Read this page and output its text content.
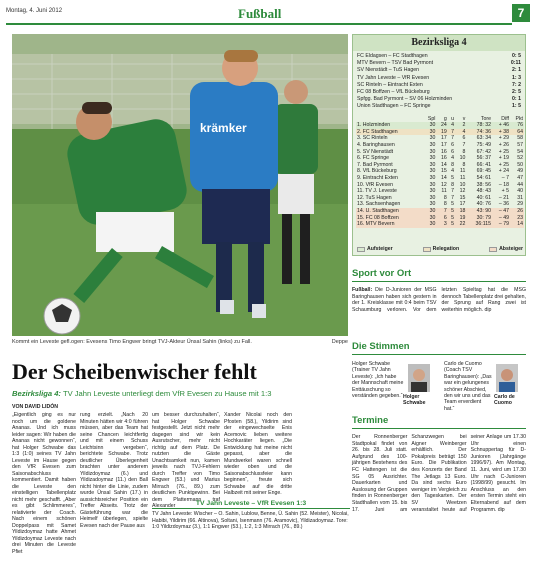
Montag, 4. Juni 2012	Fußball	7
krämker
Kommt ein Leveste gefl.ogen: Evesens Timo Engwer bringt TVJ-Akteur Ünsal Sahin (links) zu Fall.	Deppe
Bezirksliga 4
FC Eldagsen – FC Stadthagen	0: 5
MTV Bevern – TSV Bad Pyrmont	0:11
SV Nienstädt – TuS Hagen	2: 1
TV Jahn Leveste – VfR Evesen	1: 3
SC Rinteln – Eintracht Exten	7: 2
FC 08 Boffzen – VfL Bückeburg	2: 5
Spfgg. Bad Pyrmont – SV 06 Holzminden	0: 1
Union Stadthagen – FC Springe	1: 5
	Spl	g	u	v	Tore	Diff	Pkt
1. Holzminden	30	24	4	2	78: 32	+ 46	76
2. FC Stadthagen	30	19	7	4	74: 36	+ 38	64
3. SC Rinteln	30	17	7	6	63: 34	+ 29	58
4. Baringhausen	30	17	6	7	75: 49	+ 26	57
5. SV Nienstädt	30	16	6	8	67: 42	+ 25	54
6. FC Springe	30	16	4	10	56: 37	+ 19	52
7. Bad Pyrmont	30	14	8	8	66: 41	+ 25	50
8. VfL Bückeburg	30	15	4	11	69: 45	+ 24	49
9. Eintracht Exten	30	14	5	11	54: 61	– 7	47
10. VfR Evesen	30	12	8	10	38: 56	– 18	44
11. TV J. Leveste	30	11	7	12	48: 43	+ 5	40
12. TuS Hagen	30	8	7	15	40: 61	– 21	31
13. Sachsenhagen	30	8	5	17	40: 76	– 36	29
14. U. Stadthagen	30	7	5	18	43: 90	– 47	26
15. FC 08 Boffzen	30	6	5	19	30: 79	– 49	23
16. MTV Bevern	30	3	5	22	36:115	– 79	14
Aufsteiger	Relegation	Absteiger
Sport vor Ort
Fußball: Die D-Junioren der MSG Baringhausen haben sich gestern in der 1. Kreisklasse mit 0:4 beim TSV Schaumburg verloren. Vor dem letzten Spieltag hat die MSG dennoch Tabellenplatz drei gehalten, der Sprung auf Rang zwei ist weiterhin möglich. dip
Der Scheibenwischer fehlt
Bezirksliga 4: TV Jahn Leveste unterliegt dem VfR Evesen zu Hause mit 1:3
VON DAVID LIDÓN
„Eigentlich ging es nur noch um die goldene Ananas. Und ich muss leider sagen: Wir haben die Ananas nicht gewonnen“, hat Holger Schwabe das 1:3 (1:0) seines TV Jahn Leveste im Hause gegen den VfR Evesen zum Saisonabschluss kommentiert. Damit haben die Leveste den einstelligen Tabellenplatz nicht mehr geschafft. „Aber es gibt Schlimmeres“, relativierte der Coach. Nach einem schönen Doppelpass mit Samet Yildizdoymaz hatte Ahmet Yildizdoymaz Leveste nach drei Minuten die Leveste Pfiet
rung erzielt. „Nach 20 Minuten hätten wir 4:0 führen müssen, aber das Team hat seine Chancen leichtfertig und mit einem Schuss Leichtsinn vergeben“, berichtete Schwabe. Trotz deutlicher Überlegenheit brachten unter anderem Yildizdoymaz (6.) und Yildizadoymaz (11.) den Ball nicht hinter die Linie, zudem wurde Ünsal Sahin (17.) in aussichtsreicher Position ein Treffer Abseits. Trotz der Gästeführung war die Heimelf überlegen, spielte Evesen nach der Pause aus
um besser durchzuhalten“, hat Holger Schwabe festgestellt. Jetzt nicht mehr dagegen sind wir kein Ausrutscher, mehr nicht richtig auf dem Platz. De nutzten die Gäste Unachtsamkeit nun, kamen jeweils nach TVJ-Fehlern durch Treffer von Timo Engwer (53.) und Marius Mirrach (76., 89.) zum deutlichen Punktgewinn. Bei dem Plattermann traf Alexander
Xander Nicolai noch den Pfosten (58.), Yildirim sind der eingewechselte Enis Acemovic lieben weitere Hochkaräter liegen. „Die Entwicklung hat meine nicht gepasst, aber die Mundwerkel waren schnell wieder oben und die Saisonabschlussfeier kann beginnen“, freute sich Schwabe auf die dritte Halbzeit mit seiner Enge.
TV Jahn Leveste – VfR Evesen 1:3
TV Jahn Leveste: Wischer – O. Sahin, Lublow, Benne, Ü. Sahin (52. Meister), Nicolai, Habibi, Yildirim (66. Altinova), Soltani, Isenmann (76. Aramovic), Yildizadoymaz. Tore: 1:0 Yildizdoymaz (3.), 1:1 Engwer (53.), 1:2, 1:3 Mirrach (76., 89.)
Die Stimmen
Holger Schwabe (Trainer TV Jahn Leveste): „Ich habe der Mannschaft meine Enttäuschung so verständen gegeben.“ Holger Schwabe
Carlo de Cuomo (Coach TSV Baringhausen): „Das war ein gelungenes schöner Abschied, den wir uns und das Team erverdient hat.“
Carlo de Cuomo
Termine
Der Ronnenberger Stadtpokal findet von 26. bis 28. Juli statt. Aufgrund des 100-jährigen Bestehens des FC Hattengen ist die SG 05 Ausrichter. Dauerkarten und Auslosung der Gruppen finden in Ronnenberger Stadthallen vom 15. bis 17. Juni am Schanzwegen bei Aigner Weinberger erhältlich. Der Pokalpreis beträgt 150 Euro. Die Publikation des Konzerts der Band The Jetlags 13 Euro. Da sind sechs Euro weniger im Vergleich zu den Tageskarten. Der SV Weetzen veranstaltet heute auf seiner Anlage um 17.30 Uhr einen Schnuppertag für D-Junioren (Jahrgänge 1996/97). Am Montag, 11. Juni, wird um 17.30 Uhr nach C-Junioren (1998/99) gesucht. Im Anschluss an den ersten Termin steht ein Elternabend auf dem Programm. dip
